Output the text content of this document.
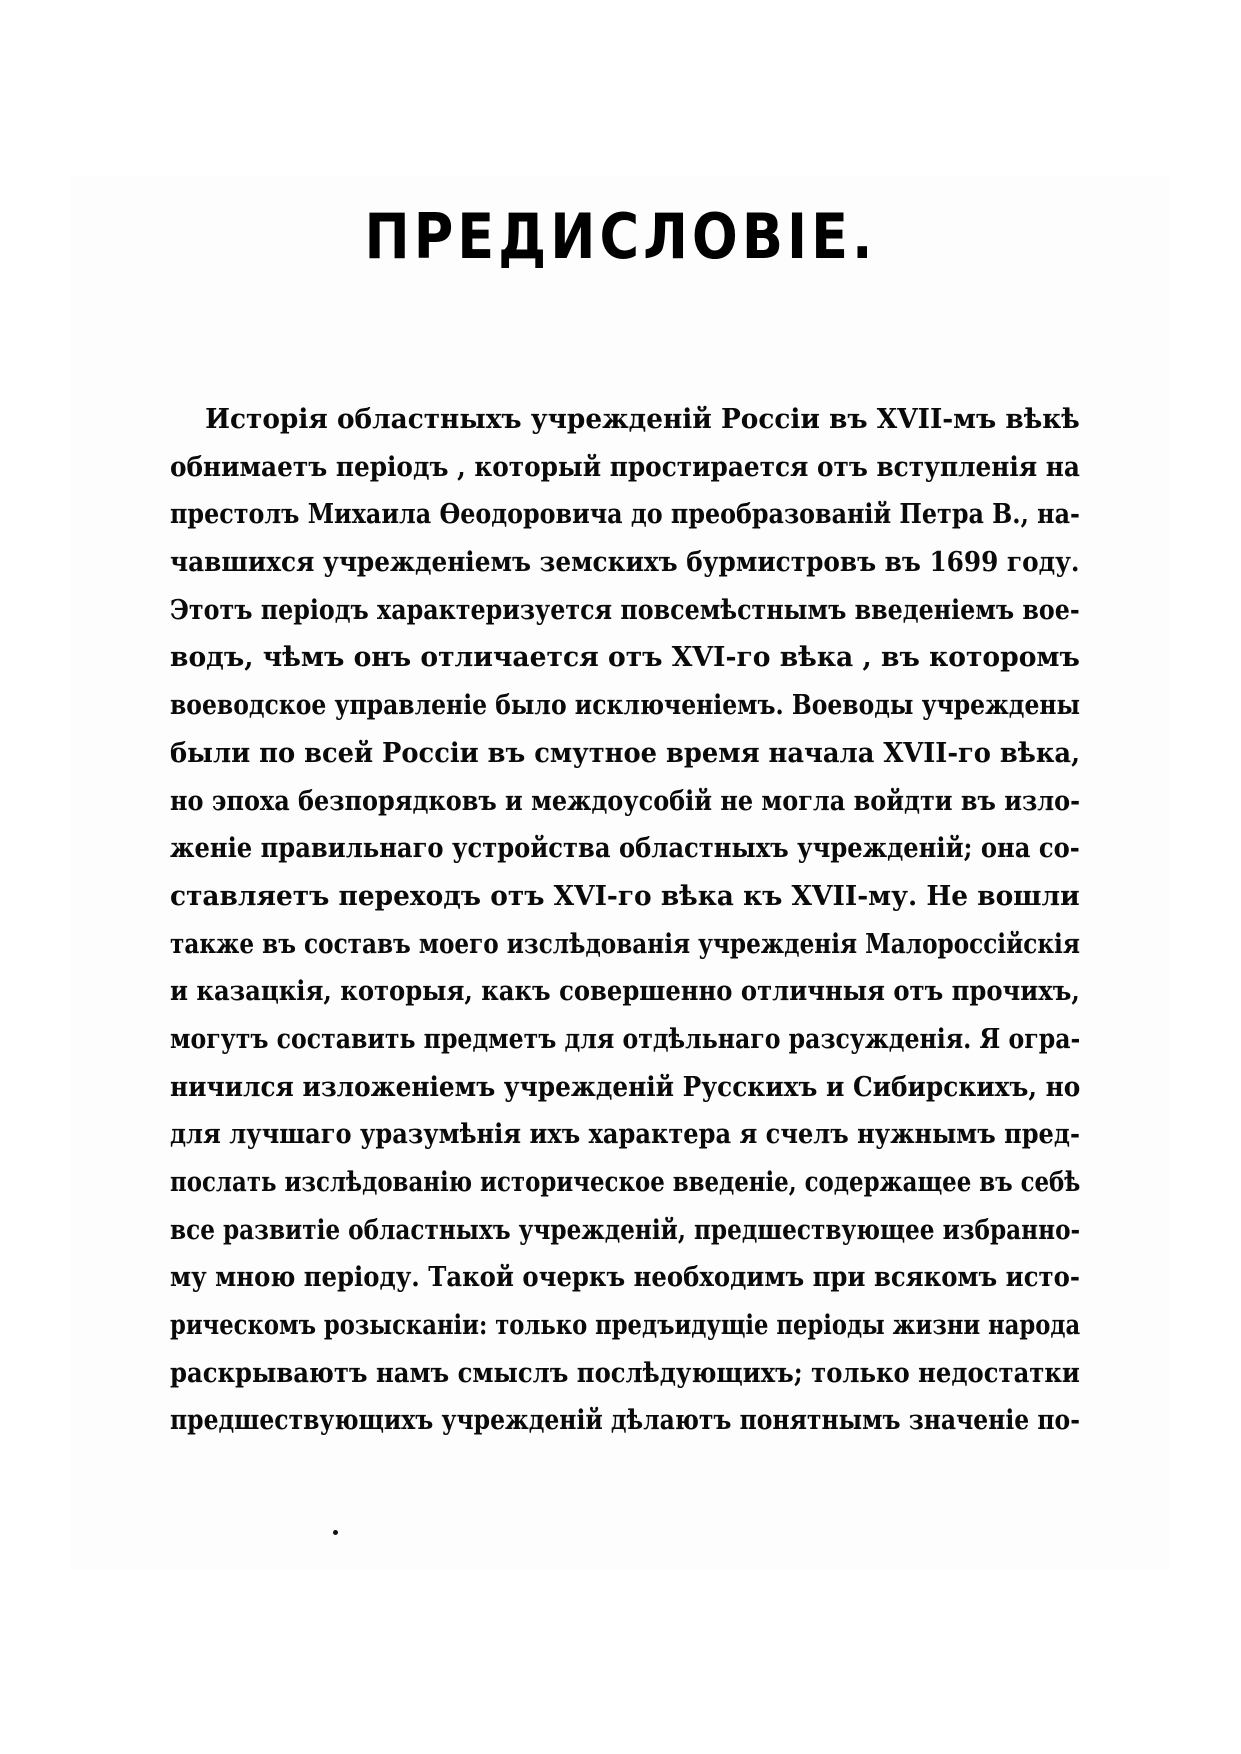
ПРЕДИСЛОВІЕ.
Исторія областныхъ учрежденій Россіи въ XVII-мъ вѣкѣ
обнимаетъ періодъ , который простирается отъ вступленія на
престолъ Михаила Ѳеодоровича до преобразованій Петра В., на-
чавшихся учрежденіемъ земскихъ бурмистровъ въ 1699 году.
Этотъ періодъ характеризуется повсемѣстнымъ введеніемъ вое-
водъ, чѣмъ онъ отличается отъ XVI-го вѣка , въ которомъ
воеводское управленіе было исключеніемъ. Воеводы учреждены
были по всей Россіи въ смутное время начала XVII-го вѣка,
но эпоха безпорядковъ и междоусобій не могла войдти въ изло-
женіе правильнаго устройства областныхъ учрежденій; она со-
ставляетъ переходъ отъ XVI-го вѣка къ XVII-му. Не вошли
также въ составъ моего изслѣдованія учрежденія Малороссійскія
и казацкія, которыя, какъ совершенно отличныя отъ прочихъ,
могутъ составить предметъ для отдѣльнаго разсужденія. Я огра-
ничился изложеніемъ учрежденій Русскихъ и Сибирскихъ, но
для лучшаго уразумѣнія ихъ характера я счелъ нужнымъ пред-
послать изслѣдованію историческое введеніе, содержащее въ себѣ
все развитіе областныхъ учрежденій, предшествующее избранно-
му мною періоду. Такой очеркъ необходимъ при всякомъ исто-
рическомъ розысканіи: только предъидущіе періоды жизни народа
раскрываютъ намъ смыслъ послѣдующихъ; только недостатки
предшествующихъ учрежденій дѣлаютъ понятнымъ значеніе по-
